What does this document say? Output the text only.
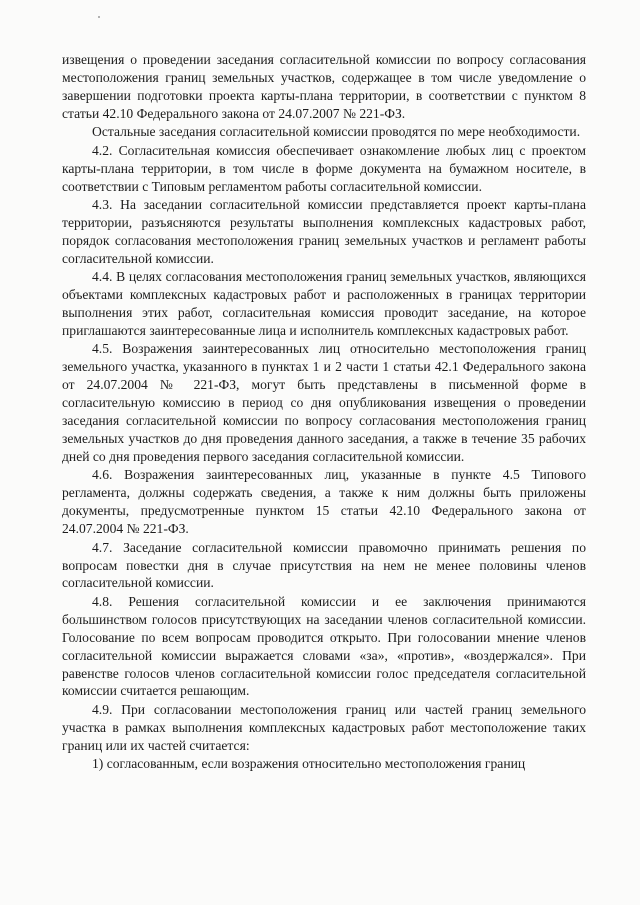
извещения о проведении заседания согласительной комиссии по вопросу согласования местоположения границ земельных участков, содержащее в том числе уведомление о завершении подготовки проекта карты-плана территории, в соответствии с пунктом 8 статьи 42.10 Федерального закона от 24.07.2007 № 221-ФЗ.

Остальные заседания согласительной комиссии проводятся по мере необходимости.

4.2. Согласительная комиссия обеспечивает ознакомление любых лиц с проектом карты-плана территории, в том числе в форме документа на бумажном носителе, в соответствии с Типовым регламентом работы согласительной комиссии.

4.3. На заседании согласительной комиссии представляется проект карты-плана территории, разъясняются результаты выполнения комплексных кадастровых работ, порядок согласования местоположения границ земельных участков и регламент работы согласительной комиссии.

4.4. В целях согласования местоположения границ земельных участков, являющихся объектами комплексных кадастровых работ и расположенных в границах территории выполнения этих работ, согласительная комиссия проводит заседание, на которое приглашаются заинтересованные лица и исполнитель комплексных кадастровых работ.

4.5. Возражения заинтересованных лиц относительно местоположения границ земельного участка, указанного в пунктах 1 и 2 части 1 статьи 42.1 Федерального закона от 24.07.2004 № 221-ФЗ, могут быть представлены в письменной форме в согласительную комиссию в период со дня опубликования извещения о проведении заседания согласительной комиссии по вопросу согласования местоположения границ земельных участков до дня проведения данного заседания, а также в течение 35 рабочих дней со дня проведения первого заседания согласительной комиссии.

4.6. Возражения заинтересованных лиц, указанные в пункте 4.5 Типового регламента, должны содержать сведения, а также к ним должны быть приложены документы, предусмотренные пунктом 15 статьи 42.10 Федерального закона от 24.07.2004 № 221-ФЗ.

4.7. Заседание согласительной комиссии правомочно принимать решения по вопросам повестки дня в случае присутствия на нем не менее половины членов согласительной комиссии.

4.8. Решения согласительной комиссии и ее заключения принимаются большинством голосов присутствующих на заседании членов согласительной комиссии. Голосование по всем вопросам проводится открыто. При голосовании мнение членов согласительной комиссии выражается словами «за», «против», «воздержался». При равенстве голосов членов согласительной комиссии голос председателя согласительной комиссии считается решающим.

4.9. При согласовании местоположения границ или частей границ земельного участка в рамках выполнения комплексных кадастровых работ местоположение таких границ или их частей считается:

1) согласованным, если возражения относительно местоположения границ
